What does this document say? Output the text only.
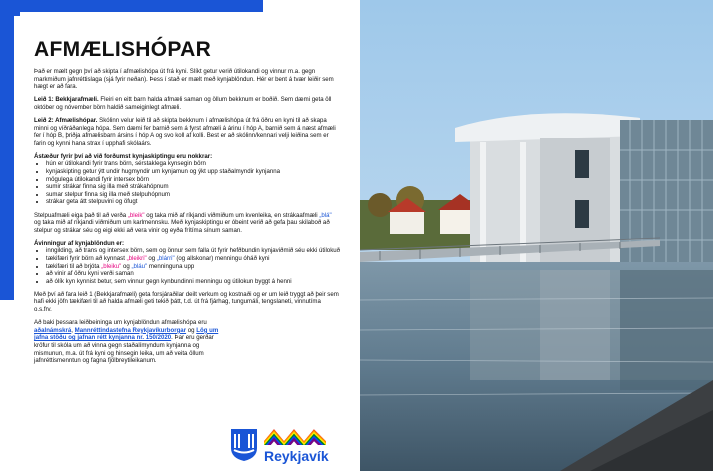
AFMÆLISHÓPAR

Það er mælt gegn því að skipta í afmælishópa út frá kyni. Slíkt getur verið útilokandi og vinnur m.a. gegn markmiðum jafnréttislaga (sjá fyrir neðan). Þess í stað er mælt með kynjablöndun. Hér er bent á tvær leiðir sem hægt er að fara.

Leið 1: Bekkjarafmæli. Fleiri en eitt barn halda afmæli saman og öllum bekknum er boðið. Sem dæmi geta öll október og nóvember börn haldið sameiginlegt afmæli.

Leið 2: Afmælishópar. Skólinn velur leið til að skipta bekknum í afmælishópa út frá öðru en kyni til að skapa minni og víðráðanlega hópa. Sem dæmi fer barnið sem á fyrst afmæli á árinu í hóp A, barnið sem á næst afmæli fer í hóp B, þriðja afmælisbarn ársins í hóp A og svo koll af kolli. Best er að skólinn/kennari velji leiðina sem er farin og kynni hana strax í upphafi skólaárs.

Ástæður fyrir því að við forðumst kynjaskiptingu eru nokkrar:

• hún er útilokandi fyrir trans börn, sérstaklega kynsegin börn
• kynjaskipting getur ýtt undir hugmyndir um kynjamun og ýkt upp staðalmyndir kynjanna
• mögulega útilokandi fyrir intersex börn
• sumir strákar finna sig illa með strákahópnum
• sumar stelpur finna sig illa með stelpuhópnum
• strákar geta átt stelpuvini og öfugt

Stelpuafmæli eiga það til að verða „bleik" og taka mið af ríkjandi viðmiðum um kvenleika, en strákaafmæli „blá" og taka mið af ríkjandi viðmiðum um karlmennsku. Með kynjaskiptingu er óbeint verið að gefa þau skilaboð að stelpur og strákar séu og eigi ekki að vera vinir og eyða frítíma sínum saman.

Ávinningur af kynjablöndun er:

• inngilding, að trans og intersex börn, sem og önnur sem falla út fyrir hefðbundin kynjaviðmið séu ekki útilokuð
• tækifæri fyrir börn að kynnast „bleikri" og „blárri" (og allskonar) menningu óháð kyni
• tækifæri til að brjóta „bleiku" og „bláu" menninguna upp
• að vinir af öðru kyni verði saman
• að ólík kyn kynnist betur, sem vinnur gegn kynbundinni menningu og útilokun byggt á henni

Með því að fara leið 1 (Bekkjarafmæli) geta forsjáraðilar deilt verkum og kostnaði og er um leið tryggt að þeir sem hafi ekki jöfn tækifæri til að halda afmæli geti tekið þátt, t.d. út frá fjárhag, tungumáli, tengslaneti, vinnutíma o.s.frv.

Að baki þessara leiðbeininga um kynjablöndun afmælishópa eru aðalnámskrá, Mannréttindastefna Reykjavíkurborgar og Lög um jafna stöðu og jafnan rétt kynjanna nr. 150/2020. Þar eru gerðar kröfur til skóla um að vinna gegn staðalímyndum kynjanna og mismunun, m.a. út frá kyni og hinsegin leika, um að veita öllum jafnréttismenntun og fagna fjölbreytileikanum.

Reykjavík
